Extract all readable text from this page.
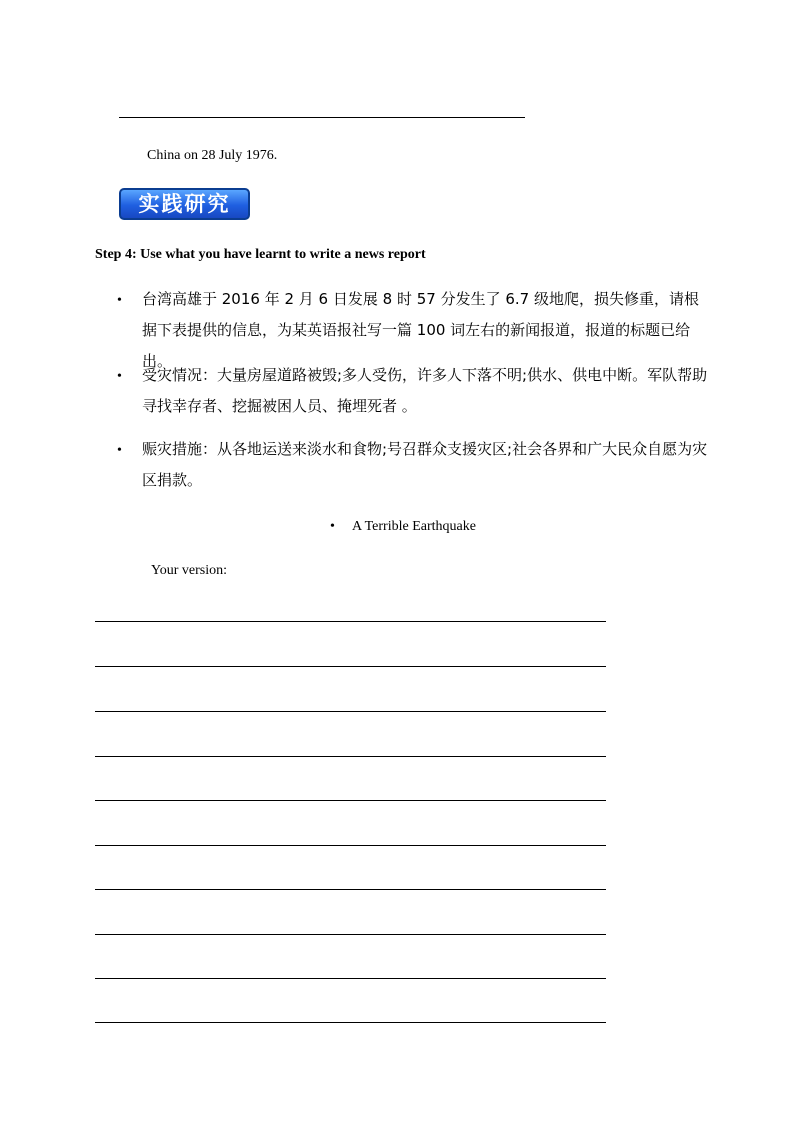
China on 28 July 1976.
实践研究
Step 4: Use what you have learnt to write a news report
• 台湾高雄于 2016 年 2 月 6 日发展 8 时 57 分发生了 6.7 级地爬，损失修重，请根据下表提供的信息，为某英语报社写一篇 100 词左右的新闻报道，报道的标题已给出。
• 受灾情况：大量房屋道路被毁;多人受伤，许多人下落不明;供水、供电中断。军队帮助寻找幸存者、挖掘被困人员、掩埋死者 。
• 赈灾措施：从各地运送来淡水和食物;号召群众支援灾区;社会各界和广大民众自愿为灾区捐款。
• A Terrible Earthquake
Your version:
